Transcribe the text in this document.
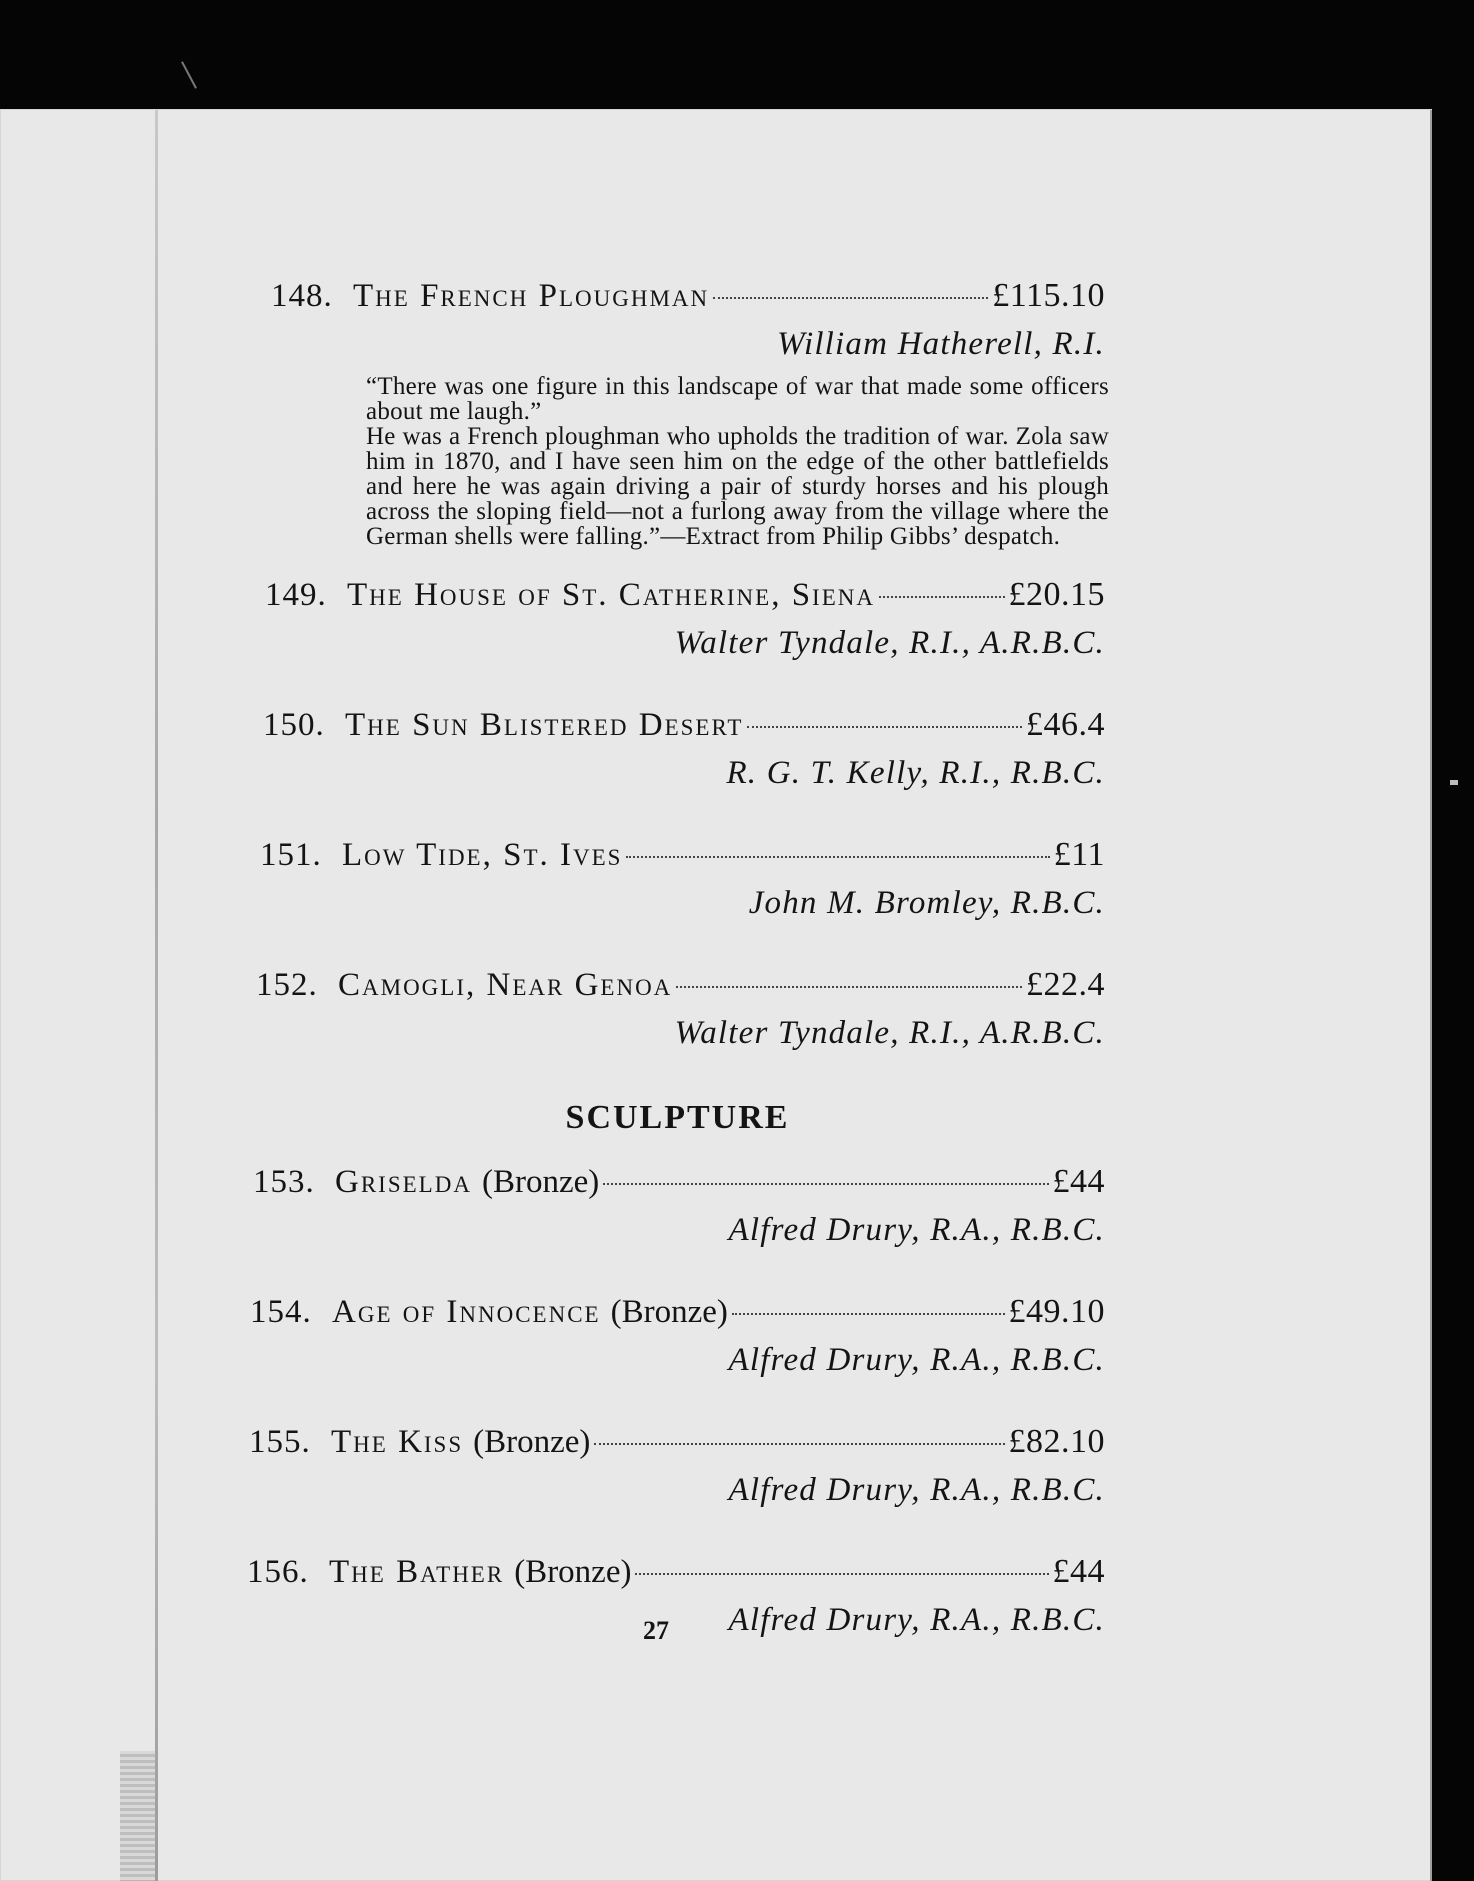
148. The French Ploughman	£115.10
William Hatherell, R.I.

“There was one figure in this landscape of war that made some officers about me laugh.”

He was a French ploughman who upholds the tradition of war. Zola saw him in 1870, and I have seen him on the edge of the other battlefields and here he was again driving a pair of sturdy horses and his plough across the sloping field—not a furlong away from the village where the German shells were falling.”—Extract from Philip Gibbs’ despatch.

149. The House of St. Catherine, Siena	£20.15
Walter Tyndale, R.I., A.R.B.C.
150. The Sun Blistered Desert	£46.4
R. G. T. Kelly, R.I., R.B.C.
151. Low Tide, St. Ives	£11
John M. Bromley, R.B.C.
152. Camogli, Near Genoa	£22.4
Walter Tyndale, R.I., A.R.B.C.
SCULPTURE
153. Griselda (Bronze)	£44
Alfred Drury, R.A., R.B.C.
154. Age of Innocence (Bronze)	£49.10
Alfred Drury, R.A., R.B.C.
155. The Kiss (Bronze)	£82.10
Alfred Drury, R.A., R.B.C.
156. The Bather (Bronze)	£44
Alfred Drury, R.A., R.B.C.
27
